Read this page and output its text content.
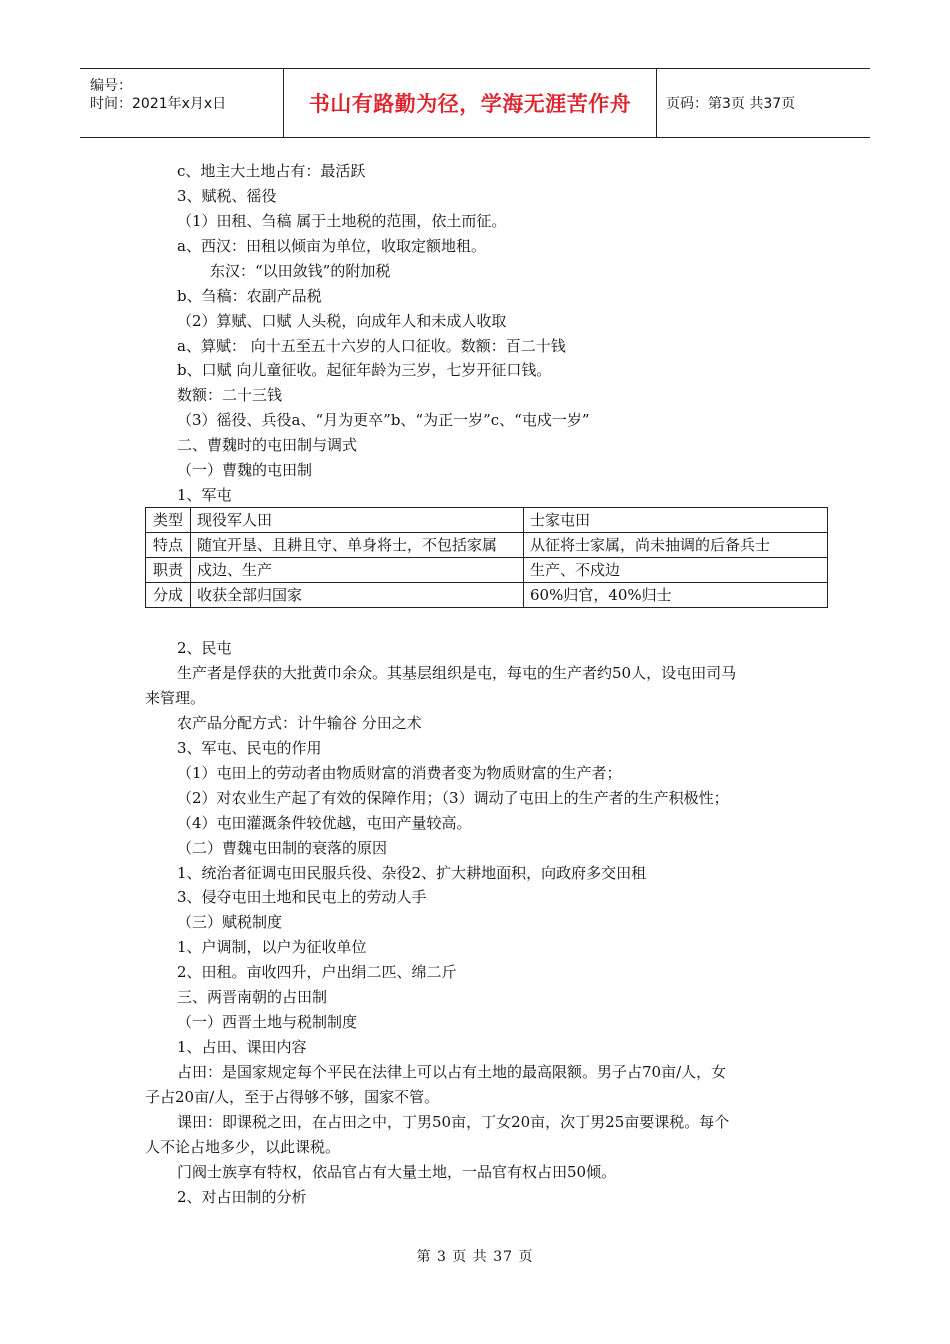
编号：
时间：2021年x月x日	书山有路勤为径，学海无涯苦作舟 页码：第3页 共37页
c、地主大土地占有：最活跃
3、赋税、徭役
（1）田租、刍稿 属于土地税的范围，依土而征。
a、西汉：田租以倾亩为单位，收取定额地租。
东汉：“以田敛钱”的附加税
b、刍稿：农副产品税
（2）算赋、口赋 人头税，向成年人和未成人收取
a、算赋： 向十五至五十六岁的人口征收。数额：百二十钱
b、口赋 向儿童征收。起征年龄为三岁，七岁开征口钱。
数额：二十三钱
（3）徭役、兵役a、“月为更卒”b、“为正一岁”c、“屯戍一岁”
二、曹魏时的屯田制与调式
（一）曹魏的屯田制
1、军屯
类型	现役军人田	士家屯田
特点	随宜开垦、且耕且守、单身将士，不包括家属	从征将士家属，尚未抽调的后备兵士
职责	戍边、生产	生产、不戍边
分成	收获全部归国家	60%归官，40%归士
2、民屯
生产者是俘获的大批黄巾余众。其基层组织是屯，每屯的生产者约50人，设屯田司马
来管理。
农产品分配方式：计牛输谷 分田之术
3、军屯、民屯的作用
（1）屯田上的劳动者由物质财富的消费者变为物质财富的生产者；
（2）对农业生产起了有效的保障作用；（3）调动了屯田上的生产者的生产积极性；
（4）屯田灌溉条件较优越，屯田产量较高。
（二）曹魏屯田制的衰落的原因
1、统治者征调屯田民服兵役、杂役2、扩大耕地面积，向政府多交田租
3、侵夺屯田土地和民屯上的劳动人手
（三）赋税制度
1、户调制，以户为征收单位
2、田租。亩收四升，户出绢二匹、绵二斤
三、两晋南朝的占田制
（一）西晋土地与税制制度
1、占田、课田内容
占田：是国家规定每个平民在法律上可以占有土地的最高限额。男子占70亩/人，女
子占20亩/人，至于占得够不够，国家不管。
课田：即课税之田，在占田之中，丁男50亩，丁女20亩，次丁男25亩要课税。每个
人不论占地多少，以此课税。
门阀士族享有特权，依品官占有大量土地，一品官有权占田50倾。
2、对占田制的分析
第 3 页 共 37 页
